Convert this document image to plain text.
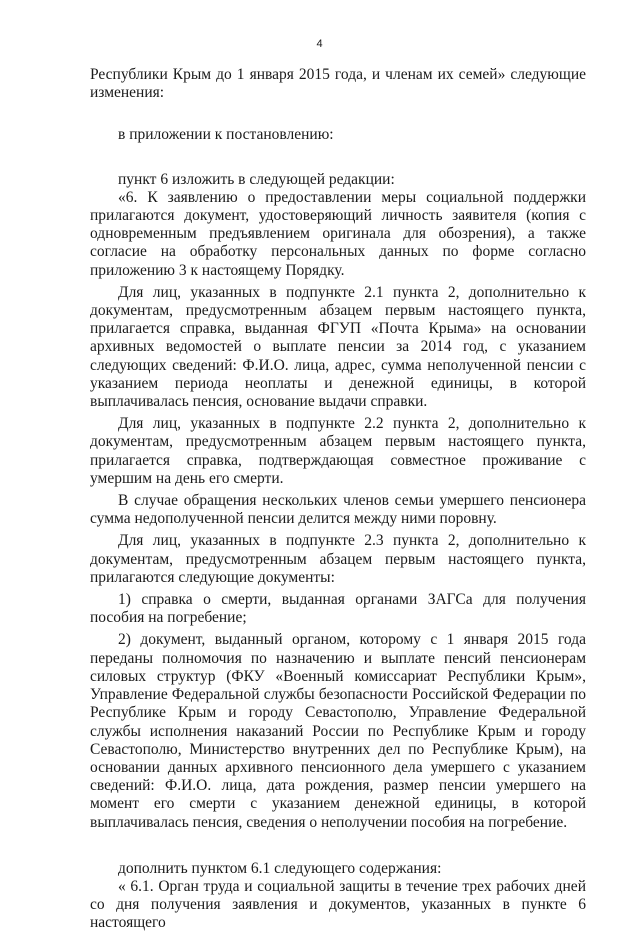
4

Республики Крым до 1 января 2015 года, и членам их семей» следующие изменения:

в приложении к постановлению:

пункт 6 изложить в следующей редакции:

«6. К заявлению о предоставлении меры социальной поддержки прилагаются документ, удостоверяющий личность заявителя (копия с одновременным предъявлением оригинала для обозрения), а также согласие на обработку персональных данных по форме согласно приложению 3 к настоящему Порядку.

Для лиц, указанных в подпункте 2.1 пункта 2, дополнительно к документам, предусмотренным абзацем первым настоящего пункта, прилагается справка, выданная ФГУП «Почта Крыма» на основании архивных ведомостей о выплате пенсии за 2014 год, с указанием следующих сведений: Ф.И.О. лица, адрес, сумма неполученной пенсии с указанием периода неоплаты и денежной единицы, в которой выплачивалась пенсия, основание выдачи справки.

Для лиц, указанных в подпункте 2.2 пункта 2, дополнительно к документам, предусмотренным абзацем первым настоящего пункта, прилагается справка, подтверждающая совместное проживание с умершим на день его смерти.

В случае обращения нескольких членов семьи умершего пенсионера сумма недополученной пенсии делится между ними поровну.

Для лиц, указанных в подпункте 2.3 пункта 2, дополнительно к документам, предусмотренным абзацем первым настоящего пункта, прилагаются следующие документы:

1) справка о смерти, выданная органами ЗАГСа для получения пособия на погребение;

2) документ, выданный органом, которому с 1 января 2015 года переданы полномочия по назначению и выплате пенсий пенсионерам силовых структур (ФКУ «Военный комиссариат Республики Крым», Управление Федеральной службы безопасности Российской Федерации по Республике Крым и городу Севастополю, Управление Федеральной службы исполнения наказаний России по Республике Крым и городу Севастополю, Министерство внутренних дел по Республике Крым), на основании данных архивного пенсионного дела умершего с указанием сведений: Ф.И.О. лица, дата рождения, размер пенсии умершего на момент его смерти с указанием денежной единицы, в которой выплачивалась пенсия, сведения о неполучении пособия на погребение.

дополнить пунктом 6.1 следующего содержания:

« 6.1. Орган труда и социальной защиты в течение трех рабочих дней со дня получения заявления и документов, указанных в пункте 6 настоящего
